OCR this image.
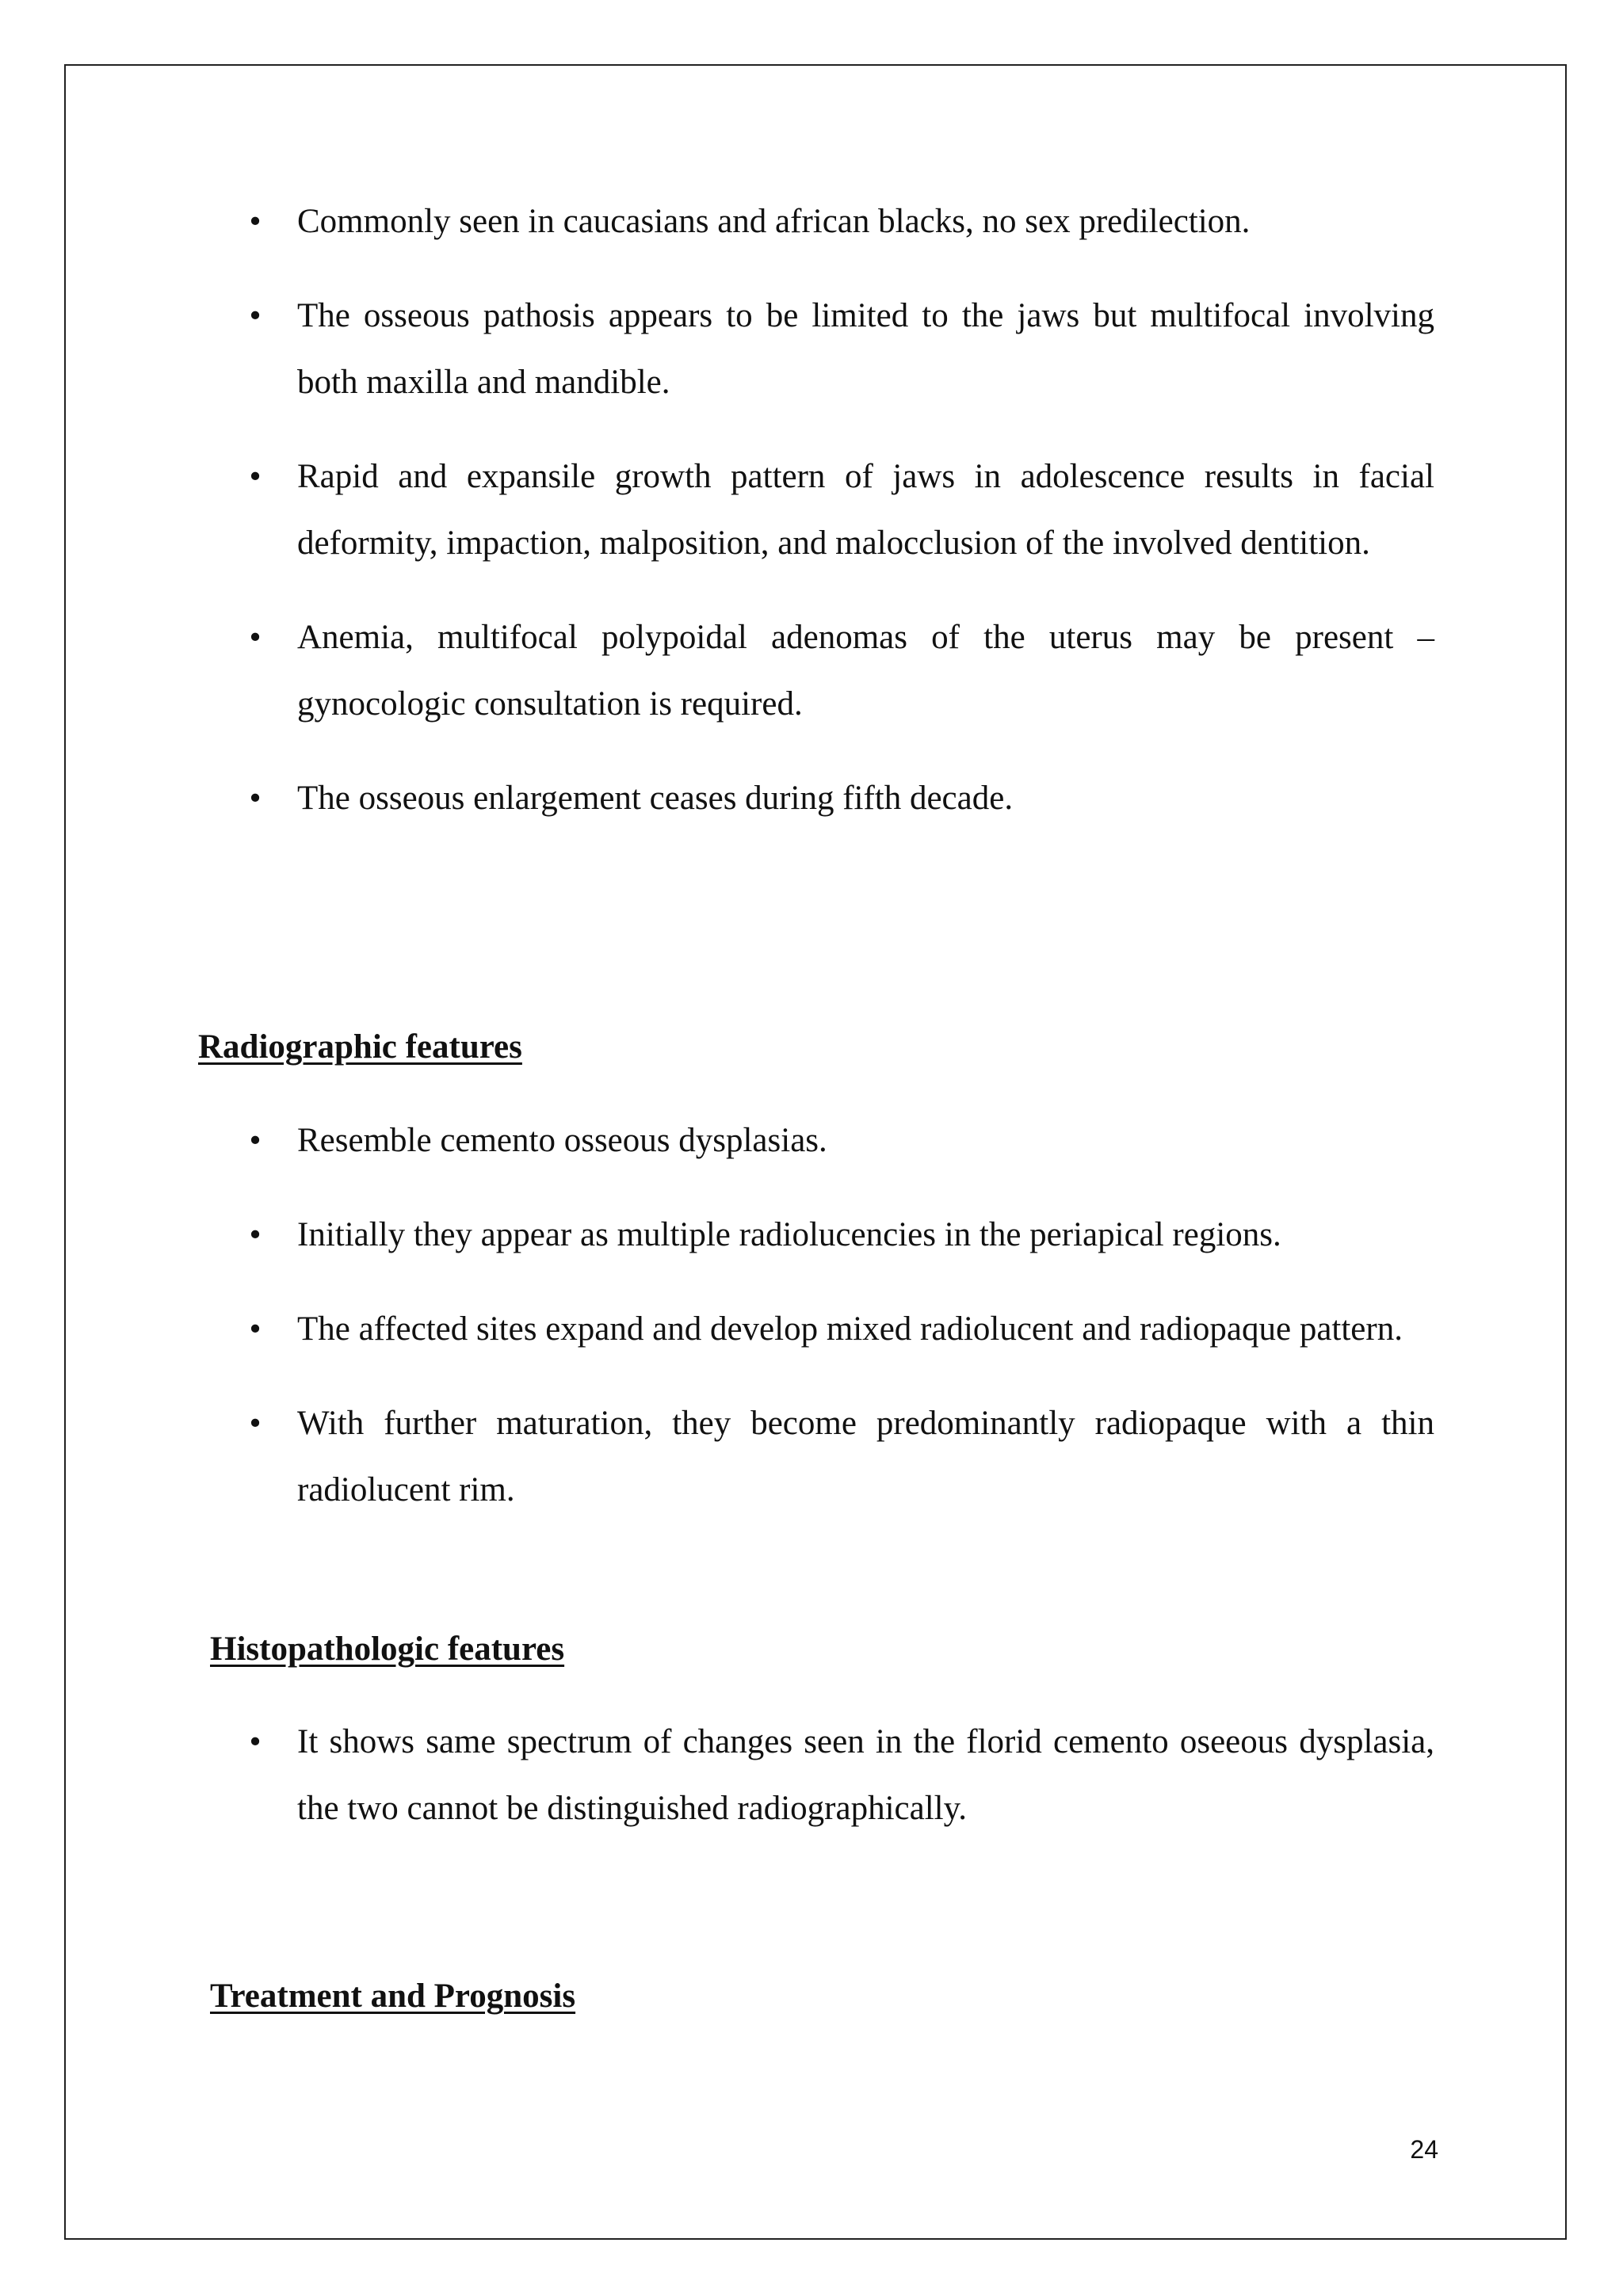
• Commonly seen in caucasians and african blacks, no sex predilection.
• The osseous pathosis appears to be limited to the jaws but multifocal involving both maxilla and mandible.
• Rapid and expansile growth pattern of jaws in adolescence results in facial deformity, impaction, malposition, and malocclusion of the involved dentition.
• Anemia, multifocal polypoidal adenomas of the uterus may be present – gynocologic consultation is required.
• The osseous enlargement ceases during fifth decade.
Radiographic features
• Resemble cemento osseous dysplasias.
• Initially they appear as multiple radiolucencies in the periapical regions.
• The affected sites expand and develop mixed radiolucent and radiopaque pattern.
• With further maturation, they become predominantly radiopaque with a thin radiolucent rim.
Histopathologic features
• It shows same spectrum of changes seen in the florid cemento oseeous dysplasia, the two cannot be distinguished radiographically.
Treatment and Prognosis
24
